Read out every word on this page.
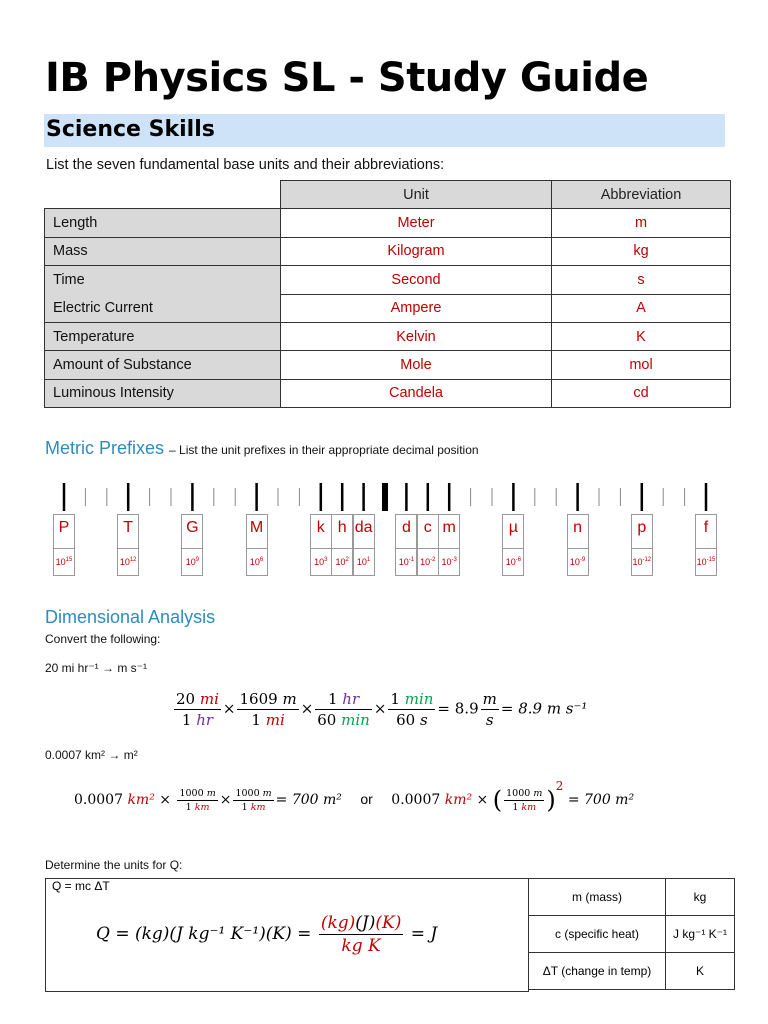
IB Physics SL - Study Guide
Science Skills
List the seven fundamental base units and their abbreviations:
	Unit	Abbreviation
Length	Meter	m
Mass	Kilogram	kg
Time	Second	s
Electric Current	Ampere	A
Temperature	Kelvin	K
Amount of Substance	Mole	mol
Luminous Intensity	Candela	cd
Metric Prefixes – List the unit prefixes in their appropriate decimal position
P
$10^{15}$
T
$10^{12}$
G
$10^9$
M
$10^6$
k
$10^3$
h
$10^2$
da
$10^1$
d
$10^{-1}$
c
$10^{-2}$
m
$10^{-3}$
µ
$10^{-6}$
n
$10^{-9}$
p
$10^{-12}$
f
$10^{-15}$
Dimensional Analysis
Convert the following:
20 mi hr⁻¹ → m s⁻¹
$\frac{20 mi}{1 hr} \times \frac{1609 m}{1 mi} \times \frac{1 hr}{60 \min} \times \frac{1 \min}{60 s} = 8.9 \frac{m}{s} = 8.9$ m s⁻¹
0.0007 km² → m²
0.0007 $km^2 \times \frac{1000 m}{1 km} \times \frac{1000 m}{1 km} = 700$ m² or 0.0007 km² × ( $\frac{1000 m}{1 km} )^2 = 700$ m²
Determine the units for Q:
Q = mc ΔT
Q = (kg)(J kg⁻¹ $K^{-1})(K) = \frac{(kg)(J)(K)}{\text{kg K}} = J$
m (mass)	kg
c (specific heat)	J kg⁻¹ K⁻¹
ΔT (change in temp)	K
